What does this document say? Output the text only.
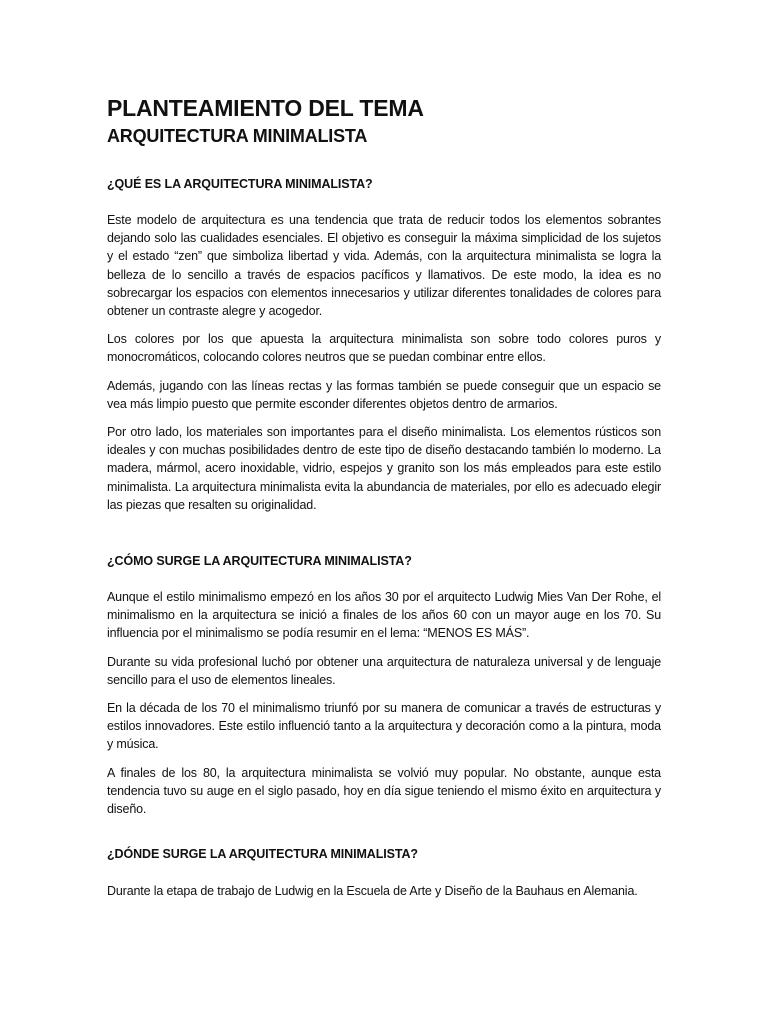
PLANTEAMIENTO DEL TEMA
ARQUITECTURA MINIMALISTA
¿QUÉ ES LA ARQUITECTURA MINIMALISTA?

Este modelo de arquitectura es una tendencia que trata de reducir todos los elementos sobrantes dejando solo las cualidades esenciales. El objetivo es conseguir la máxima simplicidad de los sujetos y el estado “zen” que simboliza libertad y vida. Además, con la arquitectura minimalista se logra la belleza de lo sencillo a través de espacios pacíficos y llamativos. De este modo, la idea es no sobrecargar los espacios con elementos innecesarios y utilizar diferentes tonalidades de colores para obtener un contraste alegre y acogedor.

Los colores por los que apuesta la arquitectura minimalista son sobre todo colores puros y monocromáticos, colocando colores neutros que se puedan combinar entre ellos.

Además, jugando con las líneas rectas y las formas también se puede conseguir que un espacio se vea más limpio puesto que permite esconder diferentes objetos dentro de armarios.

Por otro lado, los materiales son importantes para el diseño minimalista. Los elementos rústicos son ideales y con muchas posibilidades dentro de este tipo de diseño destacando también lo moderno. La madera, mármol, acero inoxidable, vidrio, espejos y granito son los más empleados para este estilo minimalista. La arquitectura minimalista evita la abundancia de materiales, por ello es adecuado elegir las piezas que resalten su originalidad.

¿CÓMO SURGE LA ARQUITECTURA MINIMALISTA?

Aunque el estilo minimalismo empezó en los años 30 por el arquitecto Ludwig Mies Van Der Rohe, el minimalismo en la arquitectura se inició a finales de los años 60 con un mayor auge en los 70. Su influencia por el minimalismo se podía resumir en el lema: “MENOS ES MÁS”.

Durante su vida profesional luchó por obtener una arquitectura de naturaleza universal y de lenguaje sencillo para el uso de elementos lineales.

En la década de los 70 el minimalismo triunfó por su manera de comunicar a través de estructuras y estilos innovadores. Este estilo influenció tanto a la arquitectura y decoración como a la pintura, moda y música.

A finales de los 80, la arquitectura minimalista se volvió muy popular. No obstante, aunque esta tendencia tuvo su auge en el siglo pasado, hoy en día sigue teniendo el mismo éxito en arquitectura y diseño.

¿DÓNDE SURGE LA ARQUITECTURA MINIMALISTA?

Durante la etapa de trabajo de Ludwig en la Escuela de Arte y Diseño de la Bauhaus en Alemania.
